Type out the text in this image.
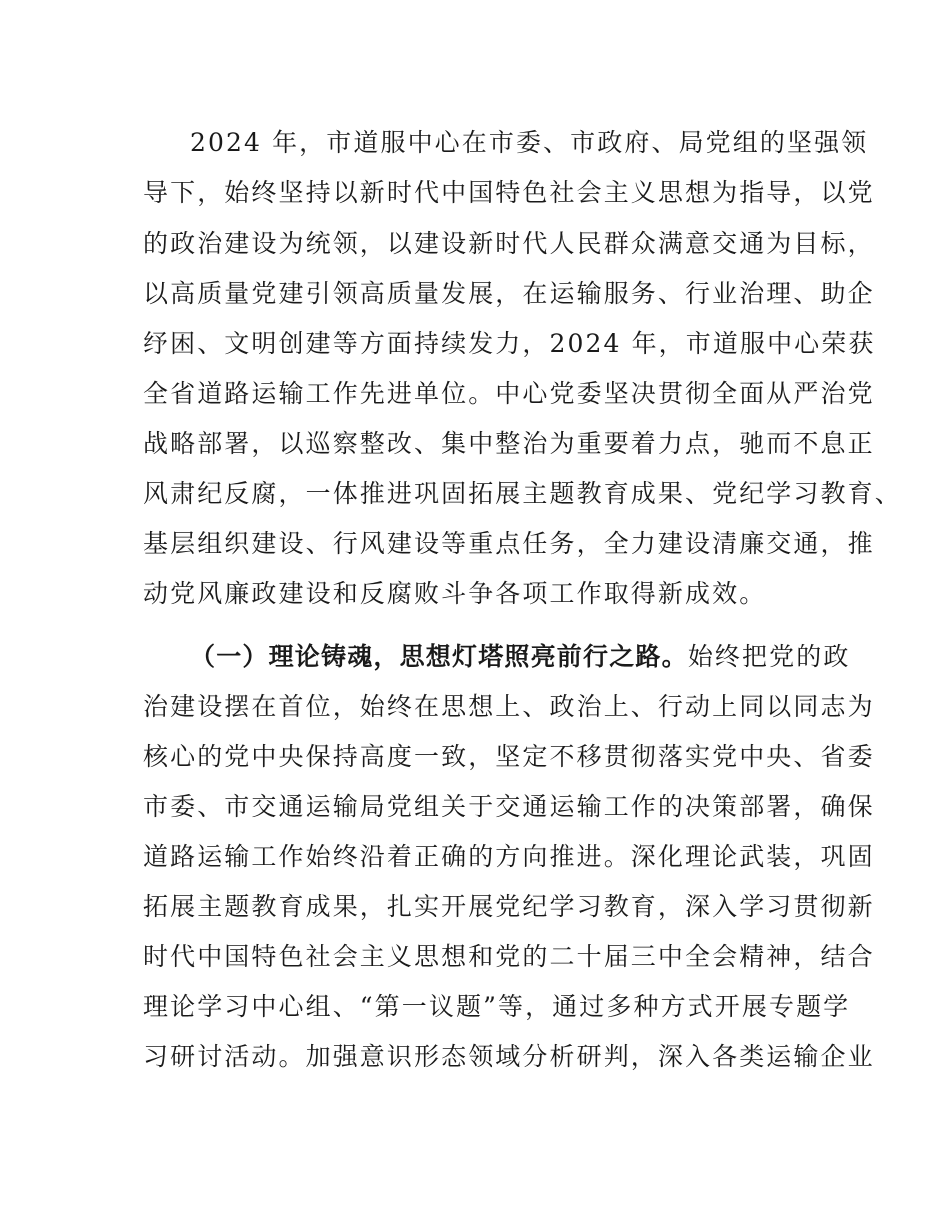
2024 年，市道服中心在市委、市政府、局党组的坚强领
导下，始终坚持以新时代中国特色社会主义思想为指导，以党
的政治建设为统领，以建设新时代人民群众满意交通为目标，
以高质量党建引领高质量发展，在运输服务、行业治理、助企
纾困、文明创建等方面持续发力，2024 年，市道服中心荣获
全省道路运输工作先进单位。中心党委坚决贯彻全面从严治党
战略部署，以巡察整改、集中整治为重要着力点，驰而不息正
风肃纪反腐，一体推进巩固拓展主题教育成果、党纪学习教育、
基层组织建设、行风建设等重点任务，全力建设清廉交通，推
动党风廉政建设和反腐败斗争各项工作取得新成效。
（一）理论铸魂，思想灯塔照亮前行之路。始终把党的政
治建设摆在首位，始终在思想上、政治上、行动上同以同志为
核心的党中央保持高度一致，坚定不移贯彻落实党中央、省委
市委、市交通运输局党组关于交通运输工作的决策部署，确保
道路运输工作始终沿着正确的方向推进。深化理论武装，巩固
拓展主题教育成果，扎实开展党纪学习教育，深入学习贯彻新
时代中国特色社会主义思想和党的二十届三中全会精神，结合
理论学习中心组、“第一议题”等，通过多种方式开展专题学
习研讨活动。加强意识形态领域分析研判，深入各类运输企业
